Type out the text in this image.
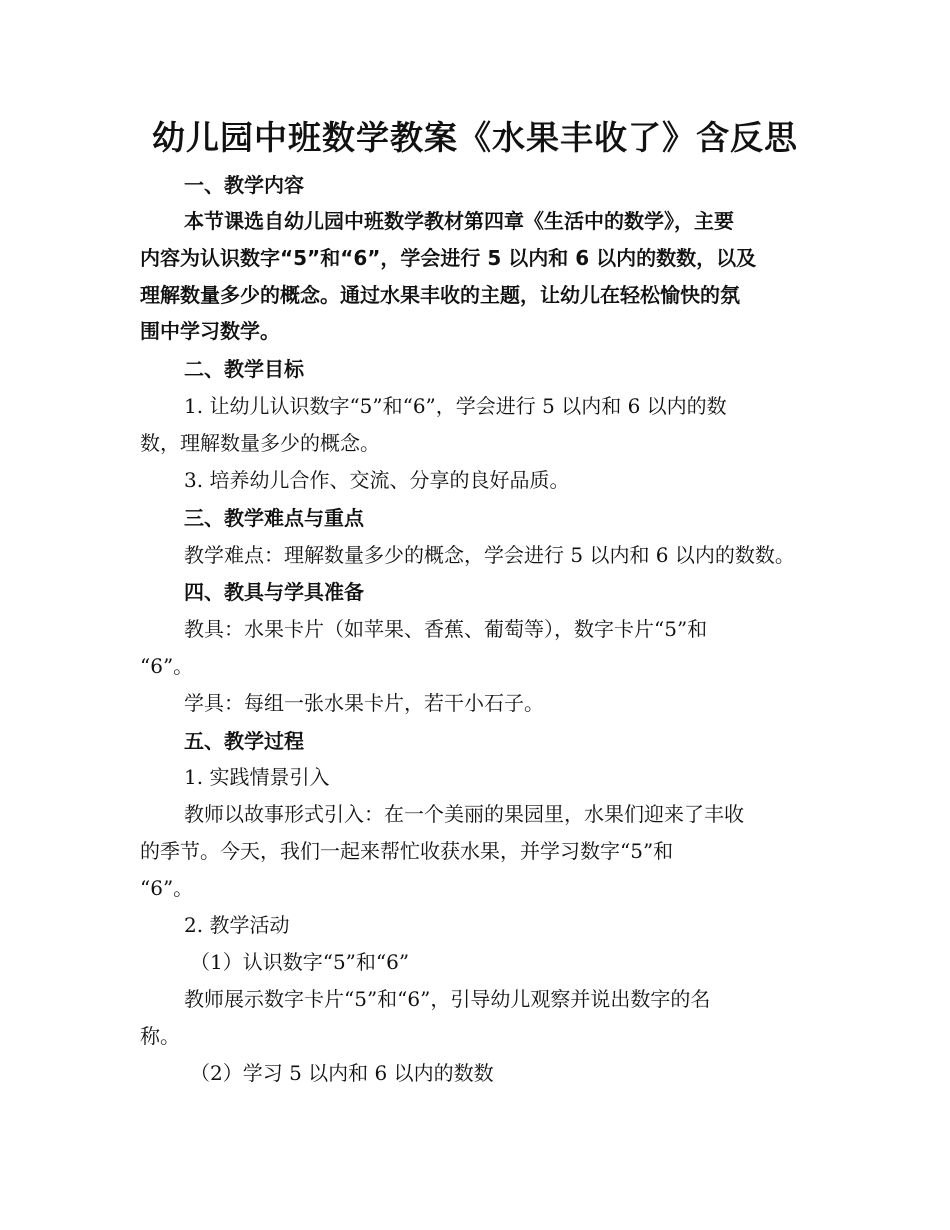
幼儿园中班数学教案《水果丰收了》含反思
一、教学内容
本节课选自幼儿园中班数学教材第四章《生活中的数学》，主要
内容为认识数字“5”和“6”，学会进行 5 以内和 6 以内的数数，以及
理解数量多少的概念。通过水果丰收的主题，让幼儿在轻松愉快的氛
围中学习数学。
二、教学目标
1. 让幼儿认识数字“5”和“6”，学会进行 5 以内和 6 以内的数
数，理解数量多少的概念。
3. 培养幼儿合作、交流、分享的良好品质。
三、教学难点与重点
教学难点：理解数量多少的概念，学会进行 5 以内和 6 以内的数数。
四、教具与学具准备
教具：水果卡片（如苹果、香蕉、葡萄等），数字卡片“5”和
“6”。
学具：每组一张水果卡片，若干小石子。
五、教学过程
1. 实践情景引入
教师以故事形式引入：在一个美丽的果园里，水果们迎来了丰收
的季节。今天，我们一起来帮忙收获水果，并学习数字“5”和
“6”。
2. 教学活动
（1）认识数字“5”和“6”
教师展示数字卡片“5”和“6”，引导幼儿观察并说出数字的名
称。
（2）学习 5 以内和 6 以内的数数
